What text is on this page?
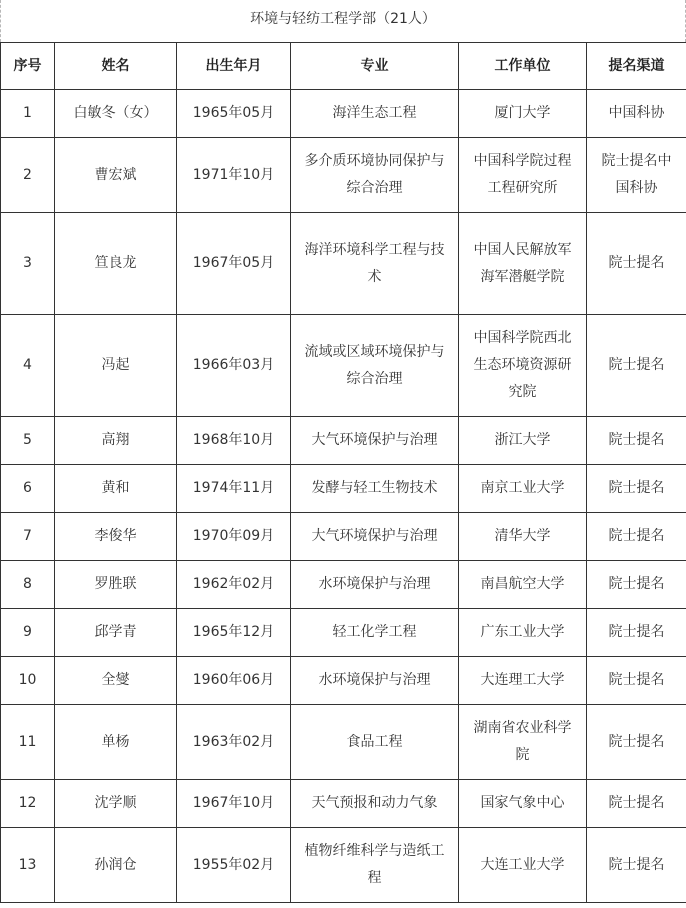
环境与轻纺工程学部（21人）
序号	姓名	出生年月	专业	工作单位	提名渠道
1	白敏冬（女）	1965年05月	海洋生态工程	厦门大学	中国科协
2	曹宏斌	1971年10月	多介质环境协同保护与综合治理	中国科学院过程工程研究所	院士提名中国科协
3	笪良龙	1967年05月	海洋环境科学工程与技术	中国人民解放军海军潜艇学院	院士提名
4	冯起	1966年03月	流域或区域环境保护与综合治理	中国科学院西北生态环境资源研究院	院士提名
5	高翔	1968年10月	大气环境保护与治理	浙江大学	院士提名
6	黄和	1974年11月	发酵与轻工生物技术	南京工业大学	院士提名
7	李俊华	1970年09月	大气环境保护与治理	清华大学	院士提名
8	罗胜联	1962年02月	水环境保护与治理	南昌航空大学	院士提名
9	邱学青	1965年12月	轻工化学工程	广东工业大学	院士提名
10	全燮	1960年06月	水环境保护与治理	大连理工大学	院士提名
11	单杨	1963年02月	食品工程	湖南省农业科学院	院士提名
12	沈学顺	1967年10月	天气预报和动力气象	国家气象中心	院士提名
13	孙润仓	1955年02月	植物纤维科学与造纸工程	大连工业大学	院士提名
